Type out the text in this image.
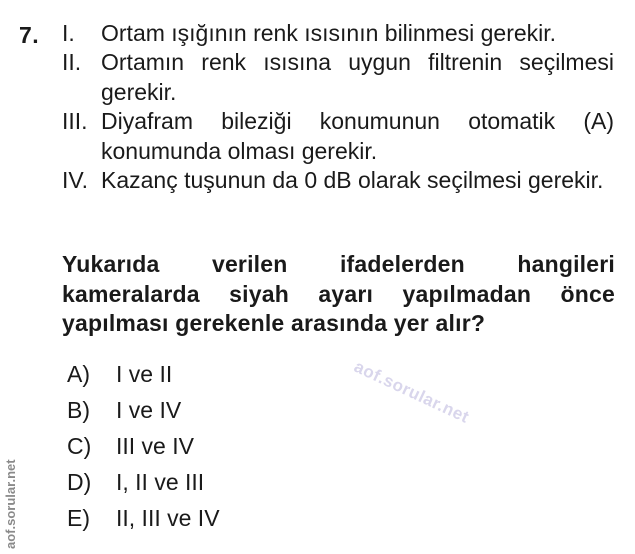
7. I. Ortam ışığının renk ısısının bilinmesi gerekir.
II. Ortamın renk ısısına uygun filtrenin seçilmesi gerekir.
III. Diyafram bileziği konumunun otomatik (A) konumunda olması gerekir.
IV. Kazanç tuşunun da 0 dB olarak seçilmesi gerekir.
Yukarıda verilen ifadelerden hangileri kameralarda siyah ayarı yapılmadan önce yapılması gerekenle arasında yer alır?
A) I ve II
B) I ve IV
C) III ve IV
D) I, II ve III
E) II, III ve IV
aof.sorular.net
aof.sorular.net
